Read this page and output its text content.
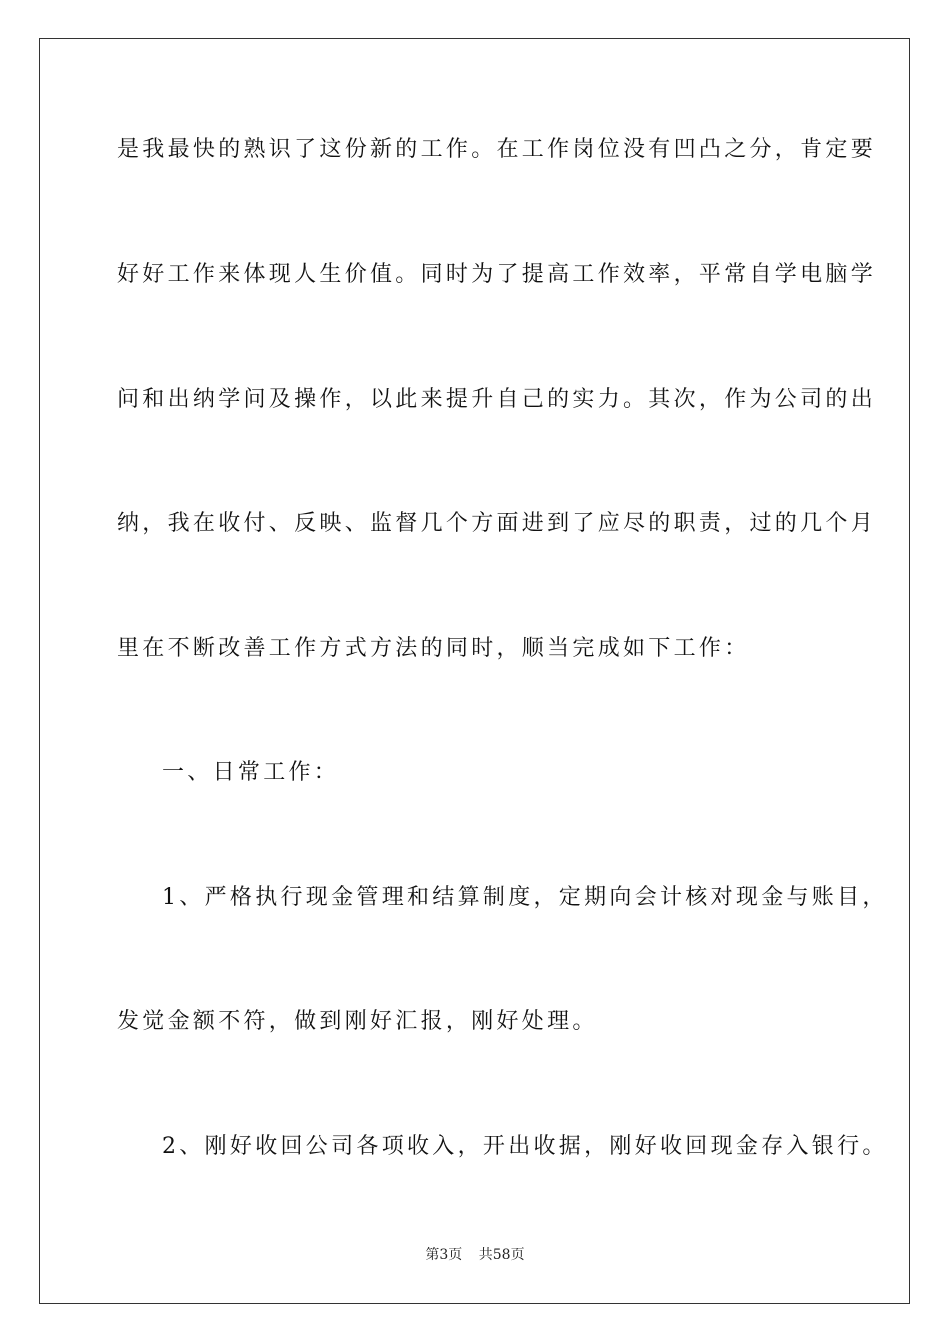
是我最快的熟识了这份新的工作。在工作岗位没有凹凸之分，肯定要
好好工作来体现人生价值。同时为了提高工作效率，平常自学电脑学
问和出纳学问及操作，以此来提升自己的实力。其次，作为公司的出
纳，我在收付、反映、监督几个方面进到了应尽的职责，过的几个月
里在不断改善工作方式方法的同时，顺当完成如下工作：
一、日常工作：
1、严格执行现金管理和结算制度，定期向会计核对现金与账目，
发觉金额不符，做到刚好汇报，刚好处理。
2、刚好收回公司各项收入，开出收据，刚好收回现金存入银行。
第3页 共58页
